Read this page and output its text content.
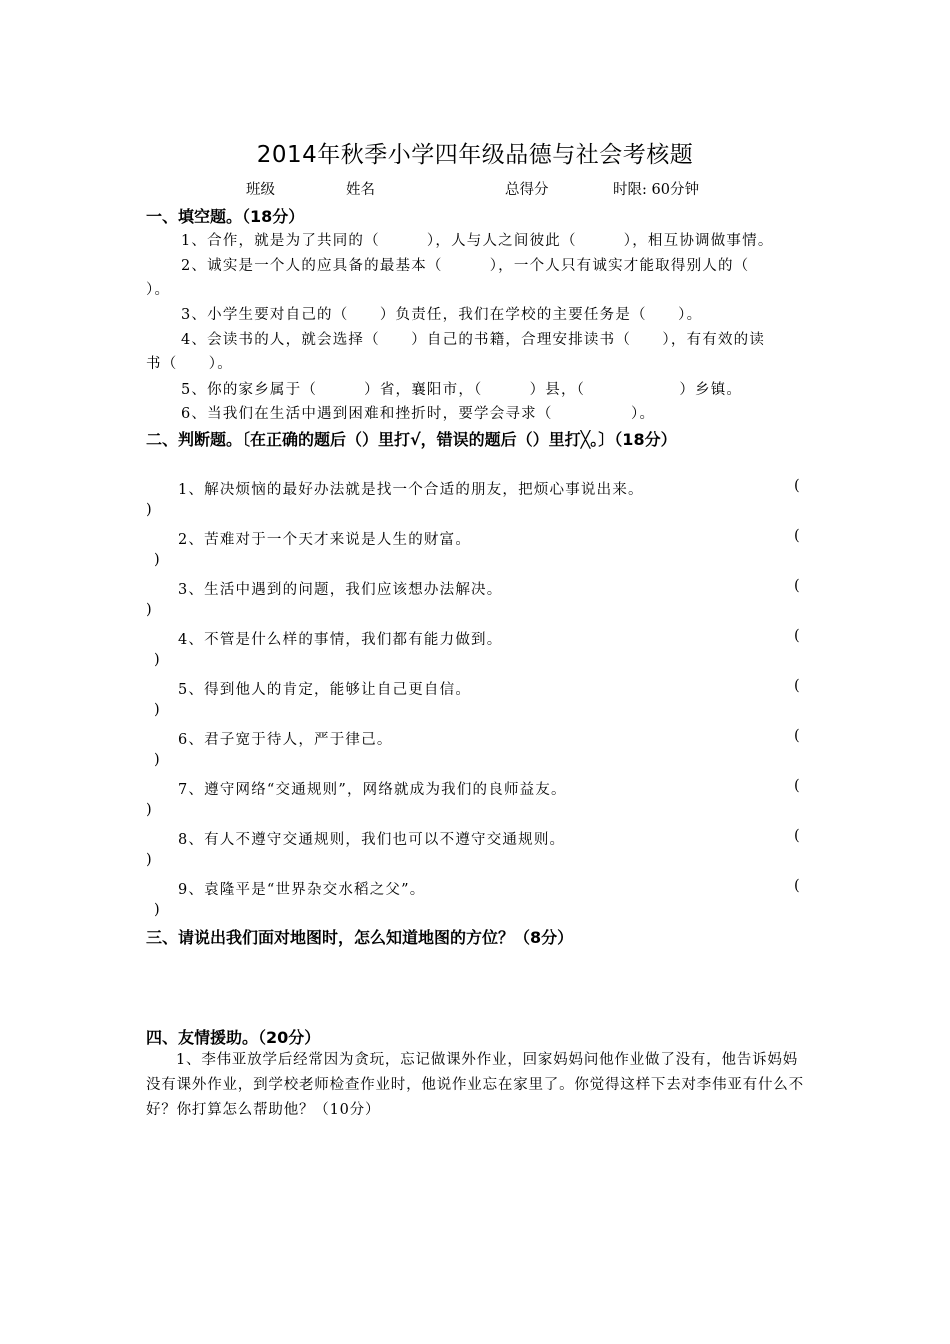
2014年秋季小学四年级品德与社会考核题
班级	姓名	总得分	时限: 60分钟
一、填空题。（18分）
1、合作，就是为了共同的（　　　），人与人之间彼此（　　　），相互协调做事情。
2、诚实是一个人的应具备的最基本（　　　），一个人只有诚实才能取得别人的（
）。
3、小学生要对自己的（　　）负责任，我们在学校的主要任务是（　　）。
4、会读书的人，就会选择（　　）自己的书籍，合理安排读书（　　），有有效的读
书（　　）。
5、你的家乡属于（　　　）省，襄阳市，（　　　）县，（　　　　　　）乡镇。
6、当我们在生活中遇到困难和挫折时，要学会寻求（　　　　　）。
二、判断题。〔在正确的题后（）里打√，错误的题后（）里打╳。〕（18分）
1、解决烦恼的最好办法就是找一个合适的朋友，把烦心事说出来。	(
)
2、苦难对于一个天才来说是人生的财富。	(
)
3、生活中遇到的问题，我们应该想办法解决。	(
)
4、不管是什么样的事情，我们都有能力做到。	(
)
5、得到他人的肯定，能够让自己更自信。	(
)
6、君子宽于待人，严于律己。	(
)
7、遵守网络“交通规则”，网络就成为我们的良师益友。	(
)
8、有人不遵守交通规则，我们也可以不遵守交通规则。	(
)
9、袁隆平是“世界杂交水稻之父”。	(
)
三、请说出我们面对地图时，怎么知道地图的方位？（8分）
四、友情援助。（20分）
1、李伟亚放学后经常因为贪玩，忘记做课外作业，回家妈妈问他作业做了没有，他告诉妈妈没有课外作业，到学校老师检查作业时，他说作业忘在家里了。你觉得这样下去对李伟亚有什么不好？你打算怎么帮助他？（10分）
